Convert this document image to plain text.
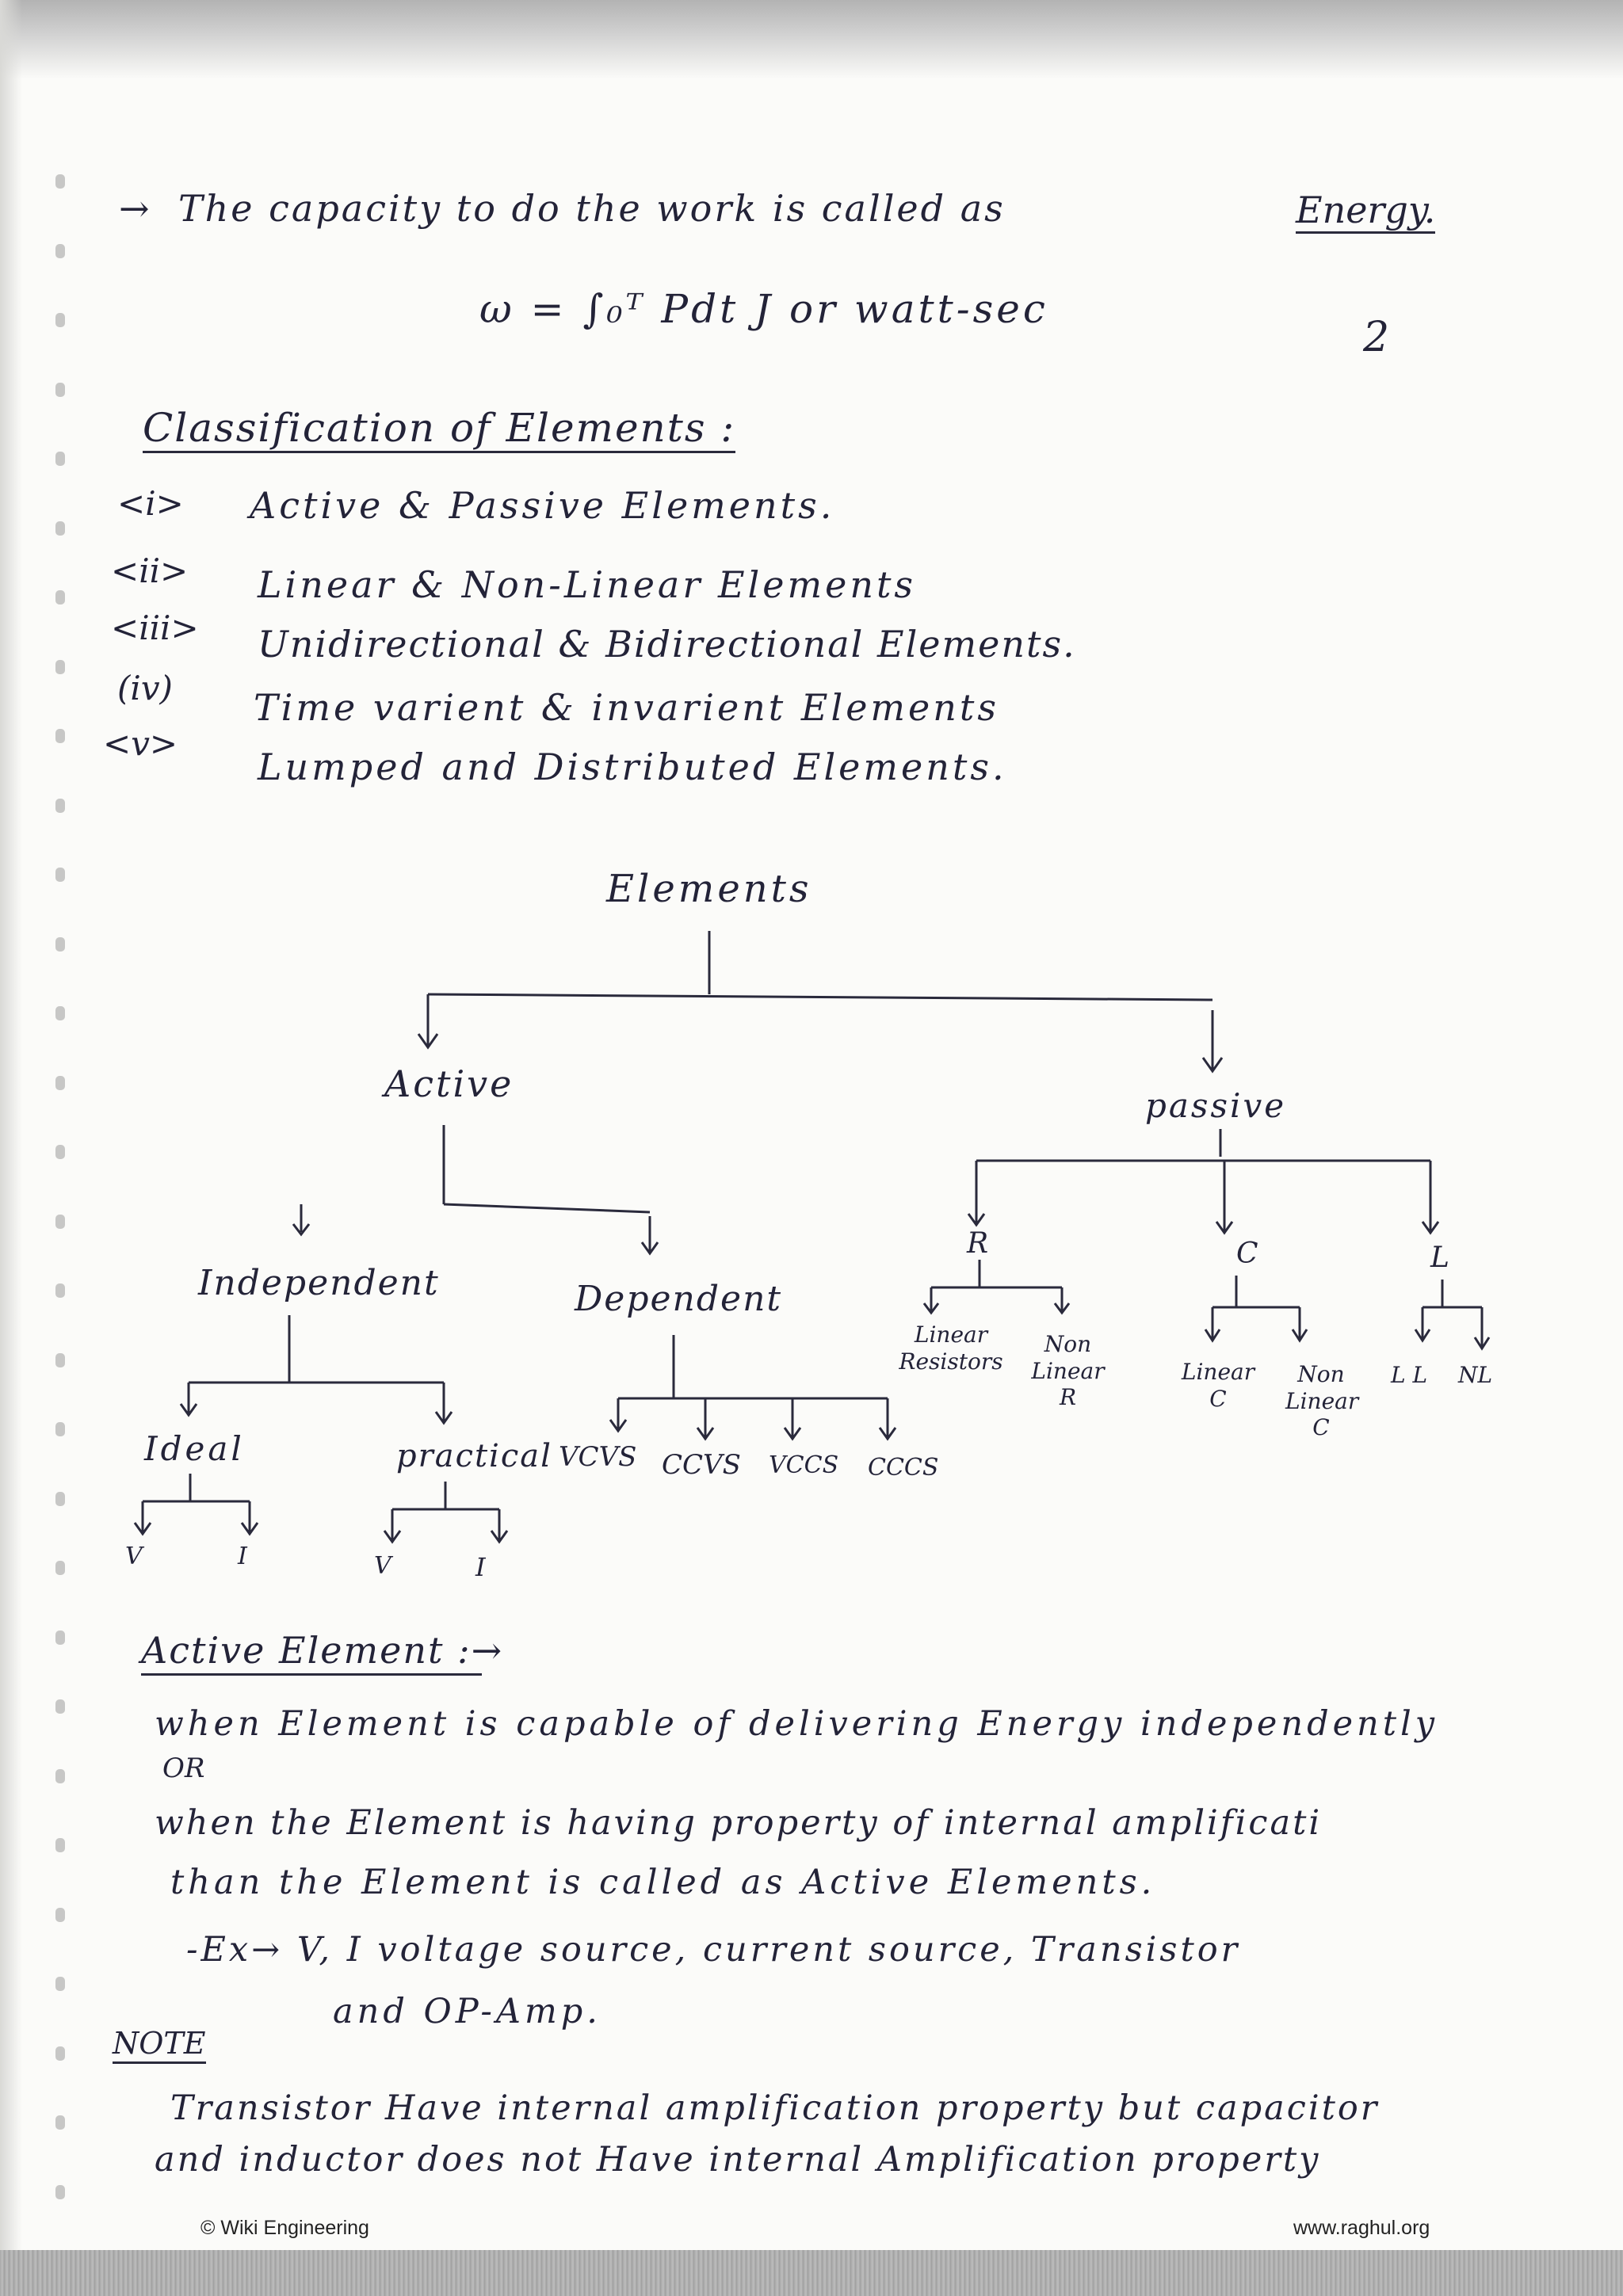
→ The capacity to do the work is called as	Energy.
ω = ∫₀ᵀ Pdt J or watt-sec
2
Classification of Elements :
<i> Active & Passive Elements.
<ii> Linear & Non-Linear Elements
<iii> Unidirectional & Bidirectional Elements.
(iv) Time varient & invarient Elements
<v>
Lumped and Distributed Elements.
Elements
Active
passive
Independent	Dependent
Ideal	practical
V	I	V	I
VCVS CCVS VCCS CCCS
R	C	L
Linear Resistors
Non Linear R
Linear C
Non Linear C
L L NL
Active Element :→
when Element is capable of delivering Energy independently
OR
when the Element is having property of internal amplificati
than the Element is called as Active Elements.
-Ex→ V, I voltage source, current source, Transistor
and OP-Amp.
NOTE
Transistor Have internal amplification property but capacitor
and inductor does not Have internal Amplification property
© Wiki Engineering	www.raghul.org
